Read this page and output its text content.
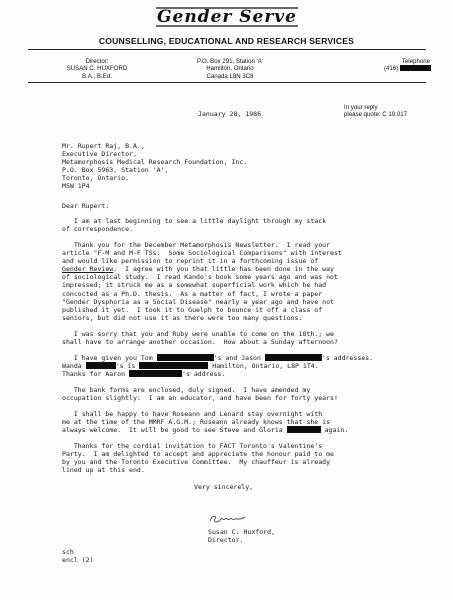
Gender Serve
COUNSELLING, EDUCATIONAL AND RESEARCH SERVICES
Director:
SUSAN C. HUXFORD
B.A., B.Ed.
P.O. Box 291, Station 'A'
Hamilton, Ontario
Canada L8N 3C8
Telephone
(416)
In your reply
please quote: C 19.017
January 28, 1986
Mr. Rupert Raj, B.A.,
Executive Director,
Metamorphosis Medical Research Foundation, Inc.
P.O. Box 5963, Station 'A',
Toronto, Ontario.
M5W 1P4
Dear Rupert:
I am at last beginning to see a little daylight through my stack
of correspondence.
Thank you for the December Metamorphosis Newsletter.  I read your
article "F-M and M-F TSs:  Some Sociological Comparisons" with interest
and would like permission to reprint it in a forthcoming issue of
Gender Review.  I agree with you that little has been done in the way
of sociological study.  I read Kando's book some years ago and was not
impressed; it struck me as a somewhat superficial work which he had
concocted as a Ph.D. thesis.  As a matter of fact, I wrote a paper
"Gender Dysphoria as a Social Disease" nearly a year ago and have not
published it yet.  I took it to Guelph to bounce it off a class of
seniors, but did not use it as there were too many questions.
I was sorry that you and Ruby were unable to come on the 18th.; we
shall have to arrange another occasion.  How about a Sunday afternoon?
I have given you Tom	's and Jason	's addresses.
Wanda	's is	Hamilton, Ontario, L8P 1T4.
Thanks for Aaron	's address.
The bank forms are enclosed, duly signed.  I have amended my
occupation slightly:  I am an educator, and have been for forty years!
I shall be happy to have Roseann and Lenard stay overnight with
me at the time of the MMRF A.G.M.; Roseann already knows that she is
always welcome.  It will be good to see Steve and Gloria	again.
Thanks for the cordial invitation to FACT Toronto's Valentine's
Party.  I am delighted to accept and appreciate the honour paid to me
by you and the Toronto Executive Committee.  My chauffeur is already
lined up at this end.
Very sincerely,
Susan C. Huxford,
Director.
sch
encl (2)
